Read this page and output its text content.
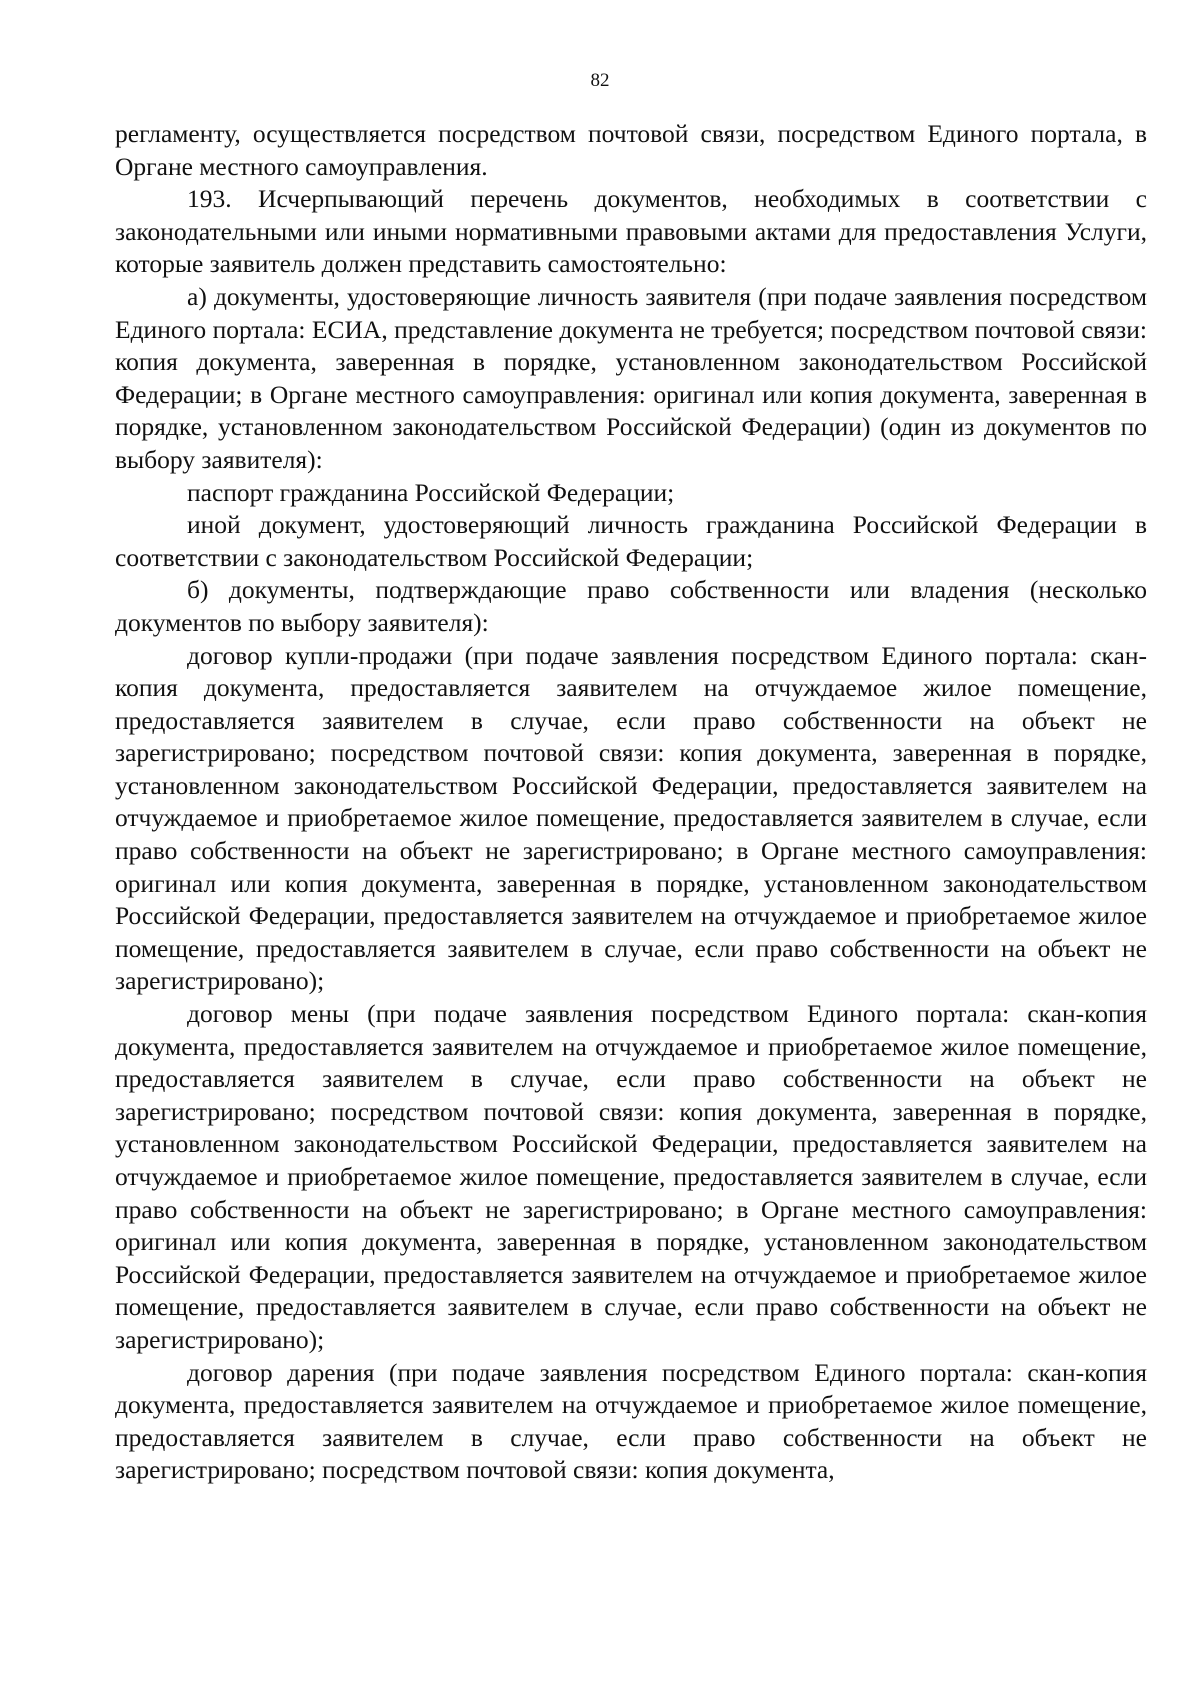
82

регламенту, осуществляется посредством почтовой связи, посредством Единого портала, в Органе местного самоуправления.

193. Исчерпывающий перечень документов, необходимых в соответствии с законодательными или иными нормативными правовыми актами для предоставления Услуги, которые заявитель должен представить самостоятельно:

а) документы, удостоверяющие личность заявителя (при подаче заявления посредством Единого портала: ЕСИА, представление документа не требуется; посредством почтовой связи: копия документа, заверенная в порядке, установленном законодательством Российской Федерации; в Органе местного самоуправления: оригинал или копия документа, заверенная в порядке, установленном законодательством Российской Федерации) (один из документов по выбору заявителя):

паспорт гражданина Российской Федерации;

иной документ, удостоверяющий личность гражданина Российской Федерации в соответствии с законодательством Российской Федерации;

б) документы, подтверждающие право собственности или владения (несколько документов по выбору заявителя):

договор купли-продажи (при подаче заявления посредством Единого портала: скан-копия документа, предоставляется заявителем на отчуждаемое жилое помещение, предоставляется заявителем в случае, если право собственности на объект не зарегистрировано; посредством почтовой связи: копия документа, заверенная в порядке, установленном законодательством Российской Федерации, предоставляется заявителем на отчуждаемое и приобретаемое жилое помещение, предоставляется заявителем в случае, если право собственности на объект не зарегистрировано; в Органе местного самоуправления: оригинал или копия документа, заверенная в порядке, установленном законодательством Российской Федерации, предоставляется заявителем на отчуждаемое и приобретаемое жилое помещение, предоставляется заявителем в случае, если право собственности на объект не зарегистрировано);

договор мены (при подаче заявления посредством Единого портала: скан-копия документа, предоставляется заявителем на отчуждаемое и приобретаемое жилое помещение, предоставляется заявителем в случае, если право собственности на объект не зарегистрировано; посредством почтовой связи: копия документа, заверенная в порядке, установленном законодательством Российской Федерации, предоставляется заявителем на отчуждаемое и приобретаемое жилое помещение, предоставляется заявителем в случае, если право собственности на объект не зарегистрировано; в Органе местного самоуправления: оригинал или копия документа, заверенная в порядке, установленном законодательством Российской Федерации, предоставляется заявителем на отчуждаемое и приобретаемое жилое помещение, предоставляется заявителем в случае, если право собственности на объект не зарегистрировано);

договор дарения (при подаче заявления посредством Единого портала: скан-копия документа, предоставляется заявителем на отчуждаемое и приобретаемое жилое помещение, предоставляется заявителем в случае, если право собственности на объект не зарегистрировано; посредством почтовой связи: копия документа,
